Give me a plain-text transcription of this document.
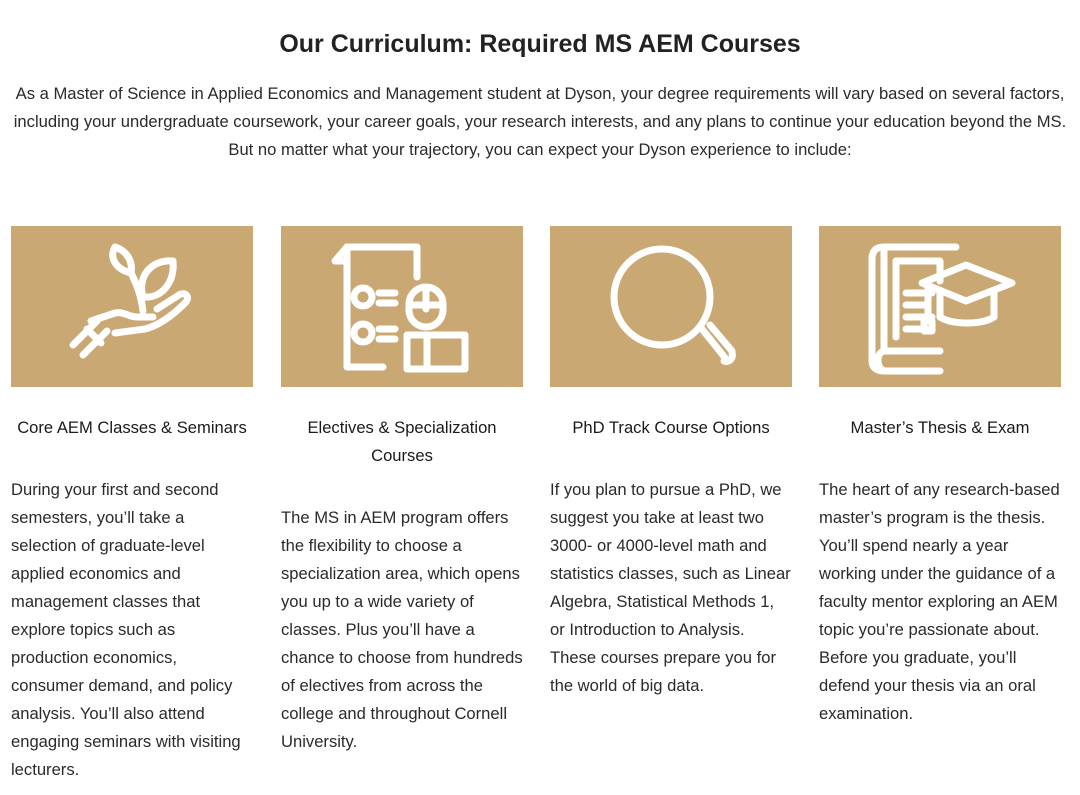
Our Curriculum: Required MS AEM Courses

As a Master of Science in Applied Economics and Management student at Dyson, your degree requirements will vary based on several factors, including your undergraduate coursework, your career goals, your research interests, and any plans to continue your education beyond the MS. But no matter what your trajectory, you can expect your Dyson experience to include:

Core AEM Classes & Seminars
During your first and second semesters, you’ll take a selection of graduate-level applied economics and management classes that explore topics such as production economics, consumer demand, and policy analysis. You’ll also attend engaging seminars with visiting lecturers.
Electives & Specialization Courses
The MS in AEM program offers the flexibility to choose a specialization area, which opens you up to a wide variety of classes. Plus you’ll have a chance to choose from hundreds of electives from across the college and throughout Cornell University.
PhD Track Course Options
If you plan to pursue a PhD, we suggest you take at least two 3000- or 4000-level math and statistics classes, such as Linear Algebra, Statistical Methods 1, or Introduction to Analysis. These courses prepare you for the world of big data.
Master’s Thesis & Exam
The heart of any research-based master’s program is the thesis. You’ll spend nearly a year working under the guidance of a faculty mentor exploring an AEM topic you’re passionate about. Before you graduate, you’ll defend your thesis via an oral examination.
